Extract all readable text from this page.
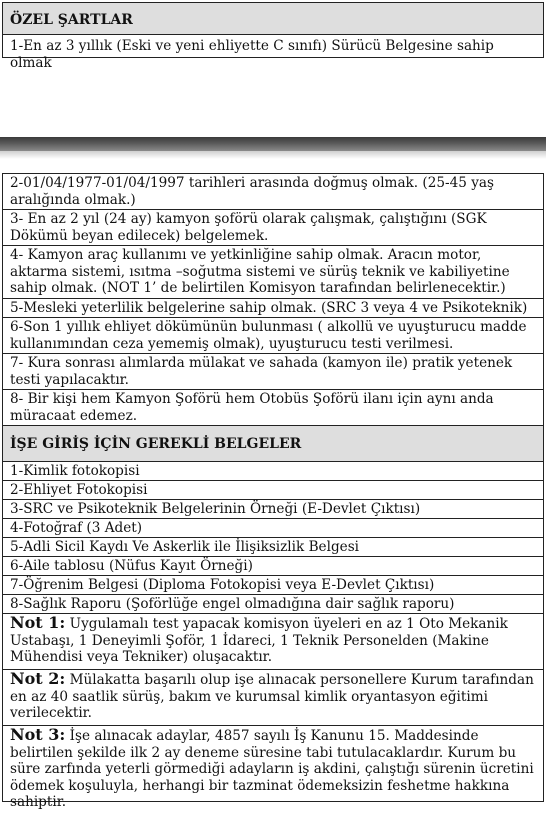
ÖZEL ŞARTLAR
1-En az 3 yıllık (Eski ve yeni ehliyette C sınıfı) Sürücü Belgesine sahip olmak
2-01/04/1977-01/04/1997 tarihleri arasında doğmuş olmak. (25-45 yaş aralığında olmak.)
3- En az 2 yıl (24 ay) kamyon şoförü olarak çalışmak, çalıştığını (SGK Dökümü beyan edilecek) belgelemek.
4- Kamyon araç kullanımı ve yetkinliğine sahip olmak. Aracın motor, aktarma sistemi, ısıtma –soğutma sistemi ve sürüş teknik ve kabiliyetine sahip olmak. (NOT 1’ de belirtilen Komisyon tarafından belirlenecektir.)
5-Mesleki yeterlilik belgelerine sahip olmak. (SRC 3 veya 4 ve Psikoteknik)
6-Son 1 yıllık ehliyet dökümünün bulunması ( alkollü ve uyuşturucu madde kullanımından ceza yememiş olmak), uyuşturucu testi verilmesi.
7- Kura sonrası alımlarda mülakat ve sahada (kamyon ile) pratik yetenek testi yapılacaktır.
8- Bir kişi hem Kamyon Şoförü hem Otobüs Şoförü ilanı için aynı anda müracaat edemez.
İŞE GİRİŞ İÇİN GEREKLİ BELGELER
1-Kimlik fotokopisi
2-Ehliyet Fotokopisi
3-SRC ve Psikoteknik Belgelerinin Örneği (E-Devlet Çıktısı)
4-Fotoğraf (3 Adet)
5-Adli Sicil Kaydı Ve Askerlik ile İlişiksizlik Belgesi
6-Aile tablosu (Nüfus Kayıt Örneği)
7-Öğrenim Belgesi (Diploma Fotokopisi veya E-Devlet Çıktısı)
8-Sağlık Raporu (Şoförlüğe engel olmadığına dair sağlık raporu)
Not 1: Uygulamalı test yapacak komisyon üyeleri en az 1 Oto Mekanik Ustabaşı, 1 Deneyimli Şoför, 1 İdareci, 1 Teknik Personelden (Makine Mühendisi veya Tekniker) oluşacaktır.
Not 2: Mülakatta başarılı olup işe alınacak personellere Kurum tarafından en az 40 saatlik sürüş, bakım ve kurumsal kimlik oryantasyon eğitimi verilecektir.
Not 3: İşe alınacak adaylar, 4857 sayılı İş Kanunu 15. Maddesinde belirtilen şekilde ilk 2 ay deneme süresine tabi tutulacaklardır. Kurum bu süre zarfında yeterli görmediği adayların iş akdini, çalıştığı sürenin ücretini ödemek koşuluyla, herhangi bir tazminat ödemeksizin feshetme hakkına sahiptir.
